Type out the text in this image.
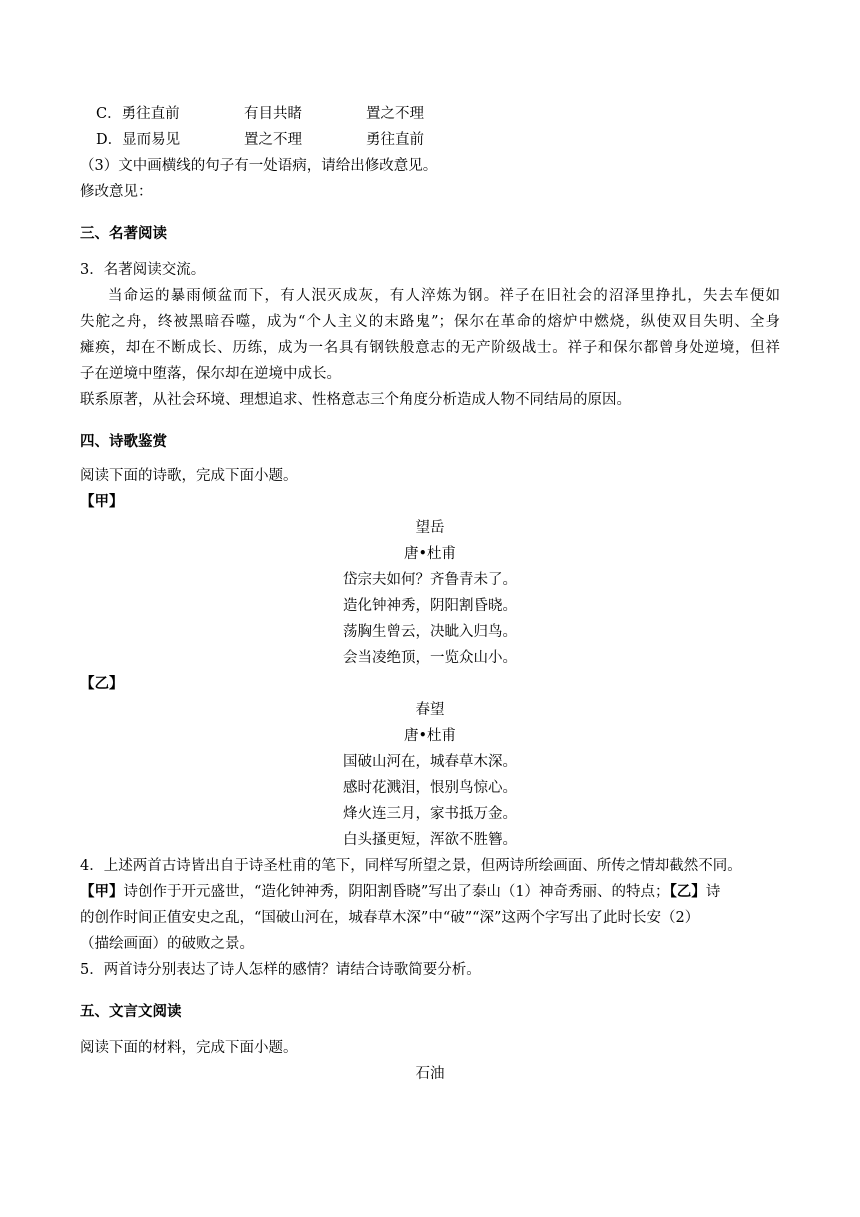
C．勇往直前	有目共睹	置之不理
D．显而易见	置之不理	勇往直前
（3）文中画横线的句子有一处语病，请给出修改意见。
修改意见：
三、名著阅读
3．名著阅读交流。
当命运的暴雨倾盆而下，有人泯灭成灰，有人淬炼为钢。祥子在旧社会的沼泽里挣扎，失去车便如
失舵之舟，终被黑暗吞噬，成为“个人主义的末路鬼”；保尔在革命的熔炉中燃烧，纵使双目失明、全身
瘫痪，却在不断成长、历练，成为一名具有钢铁般意志的无产阶级战士。祥子和保尔都曾身处逆境，但祥
子在逆境中堕落，保尔却在逆境中成长。
联系原著，从社会环境、理想追求、性格意志三个角度分析造成人物不同结局的原因。
四、诗歌鉴赏
阅读下面的诗歌，完成下面小题。
【甲】
望岳
唐•杜甫
岱宗夫如何？齐鲁青未了。
造化钟神秀，阴阳割昏晓。
荡胸生曾云，决眦入归鸟。
会当凌绝顶，一览众山小。
【乙】
春望
唐•杜甫
国破山河在，城春草木深。
感时花溅泪，恨别鸟惊心。
烽火连三月，家书抵万金。
白头搔更短，浑欲不胜簪。
4．上述两首古诗皆出自于诗圣杜甫的笔下，同样写所望之景，但两诗所绘画面、所传之情却截然不同。
【甲】诗创作于开元盛世，“造化钟神秀，阴阳割昏晓”写出了泰山（1）神奇秀丽、的特点；【乙】诗
的创作时间正值安史之乱，“国破山河在，城春草木深”中“破”“深”这两个字写出了此时长安（2）
（描绘画面）的破败之景。
5．两首诗分别表达了诗人怎样的感情？请结合诗歌简要分析。
五、文言文阅读
阅读下面的材料，完成下面小题。
石油
